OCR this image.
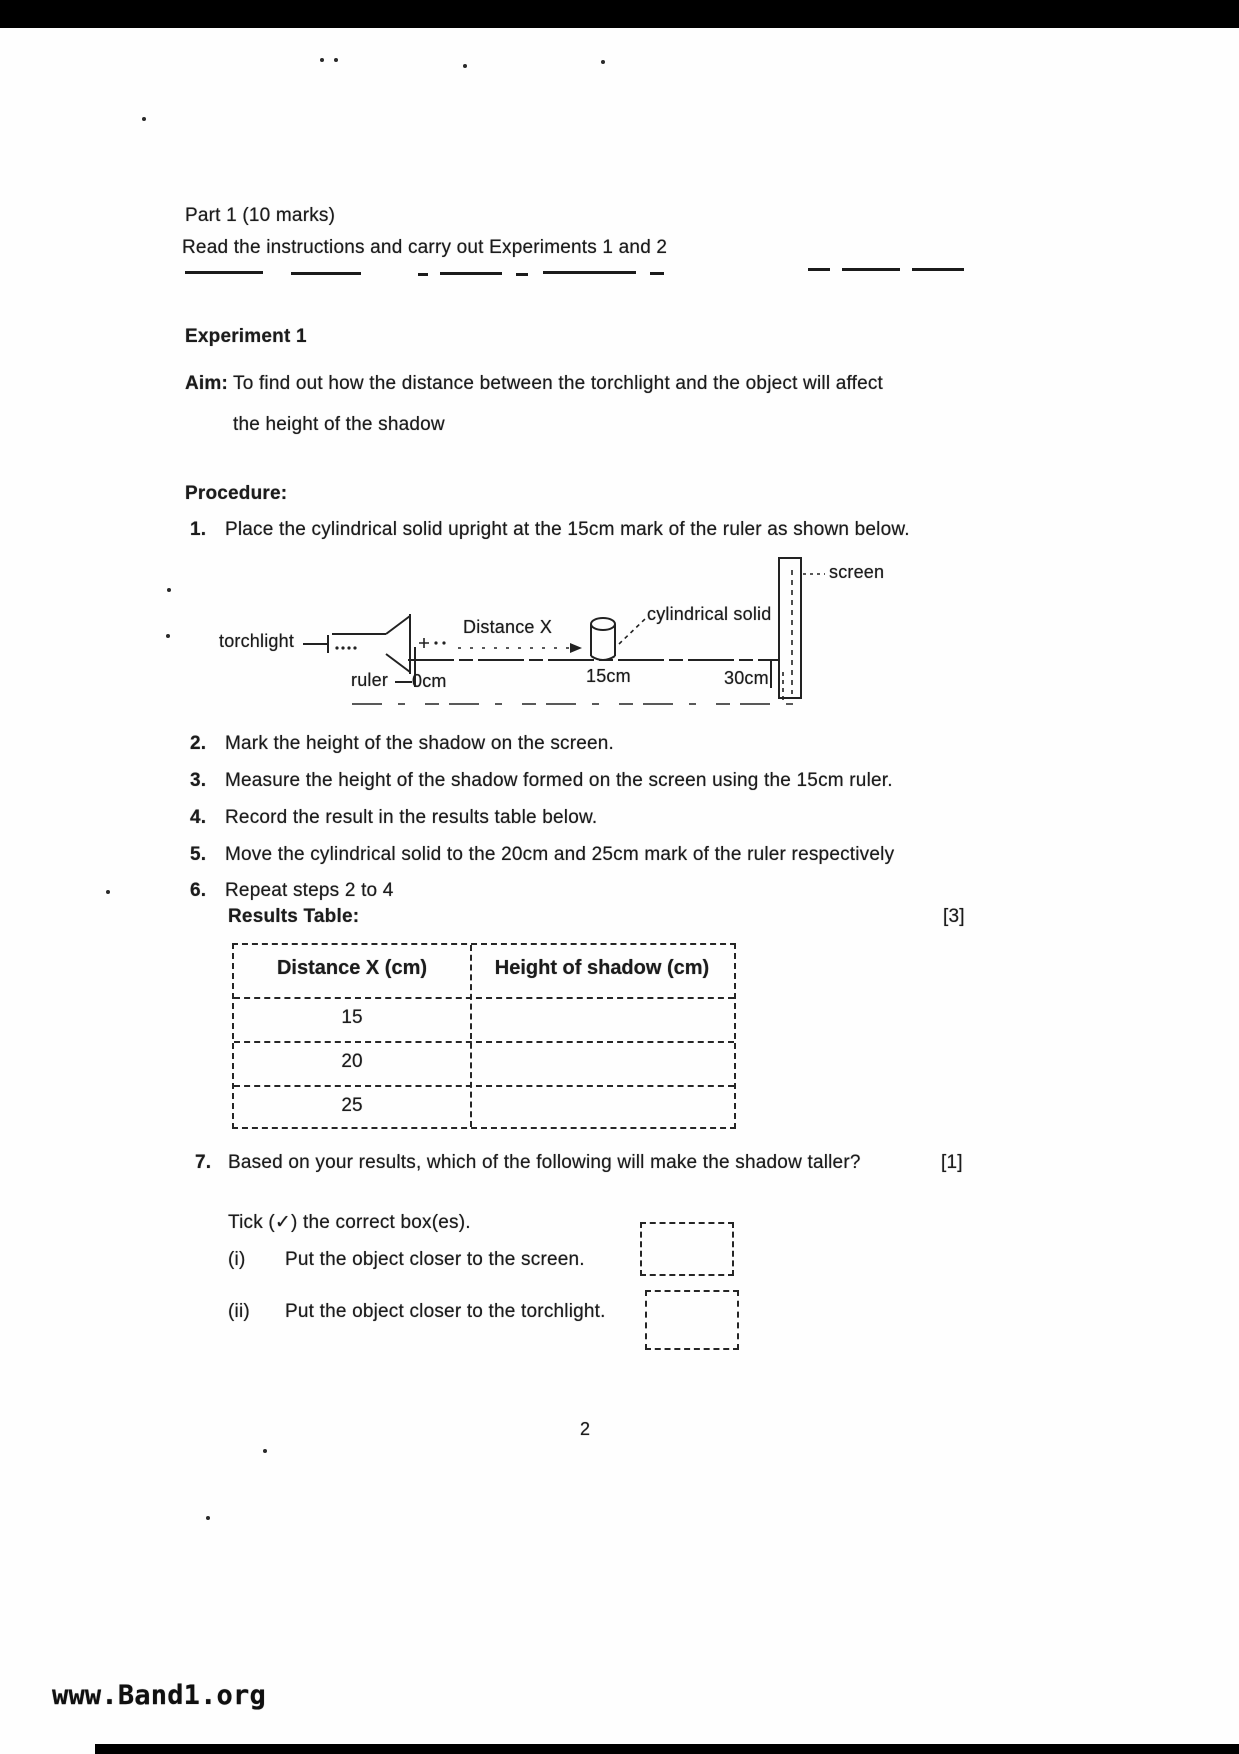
Part 1 (10 marks)
Read the instructions and carry out Experiments 1 and 2
Experiment 1
Aim: To find out how the distance between the torchlight and the object will affect
the height of the shadow
Procedure:
1. Place the cylindrical solid upright at the 15cm mark of the ruler as shown below.
torchlight
Distance X
cylindrical solid
screen
ruler 0cm	15cm	30cm
2. Mark the height of the shadow on the screen.
3. Measure the height of the shadow formed on the screen using the 15cm ruler.
4. Record the result in the results table below.
5. Move the cylindrical solid to the 20cm and 25cm mark of the ruler respectively
6. Repeat steps 2 to 4
Results Table:	[3]
Distance X (cm)	Height of shadow (cm)
15
20
25
7. Based on your results, which of the following will make the shadow taller?	[1]
Tick (✓) the correct box(es).
(i) Put the object closer to the screen.
(ii) Put the object closer to the torchlight.
2
www.Band1.org
